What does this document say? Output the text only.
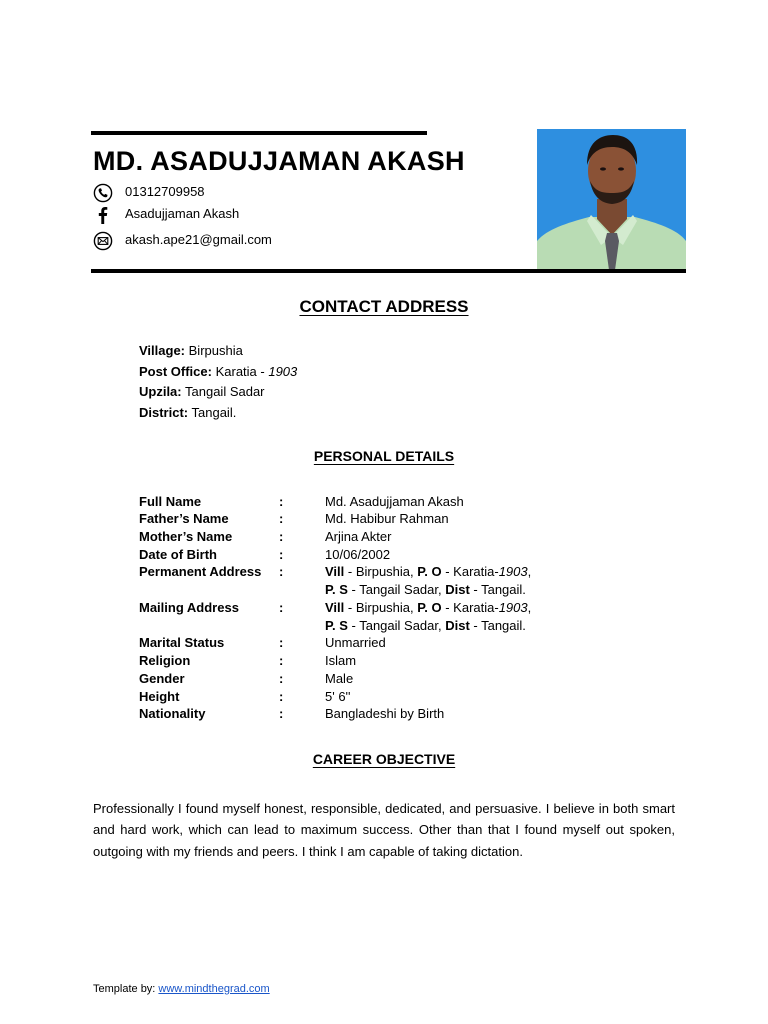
MD. ASADUJJAMAN AKASH
01312709958
Asadujjaman Akash
akash.ape21@gmail.com
CONTACT ADDRESS
Village: Birpushia
Post Office: Karatia - 1903
Upzila: Tangail Sadar
District: Tangail.
PERSONAL DETAILS
Full Name	:	Md. Asadujjaman Akash
Father’s Name	:	Md. Habibur Rahman
Mother’s Name	:	Arjina Akter
Date of Birth	:	10/06/2002
Permanent Address :	Vill - Birpushia, P. O - Karatia-1903,
P. S - Tangail Sadar, Dist - Tangail.
Mailing Address	:	Vill - Birpushia, P. O - Karatia-1903,
P. S - Tangail Sadar, Dist - Tangail.
Marital Status	:	Unmarried
Religion	:	Islam
Gender	:	Male
Height	:	5' 6''
Nationality	:	Bangladeshi by Birth
CAREER OBJECTIVE
Professionally I found myself honest, responsible, dedicated, and persuasive. I believe in both smart and hard work, which can lead to maximum success. Other than that I found myself out spoken, outgoing with my friends and peers. I think I am capable of taking dictation.
Template by: www.mindthegrad.com
